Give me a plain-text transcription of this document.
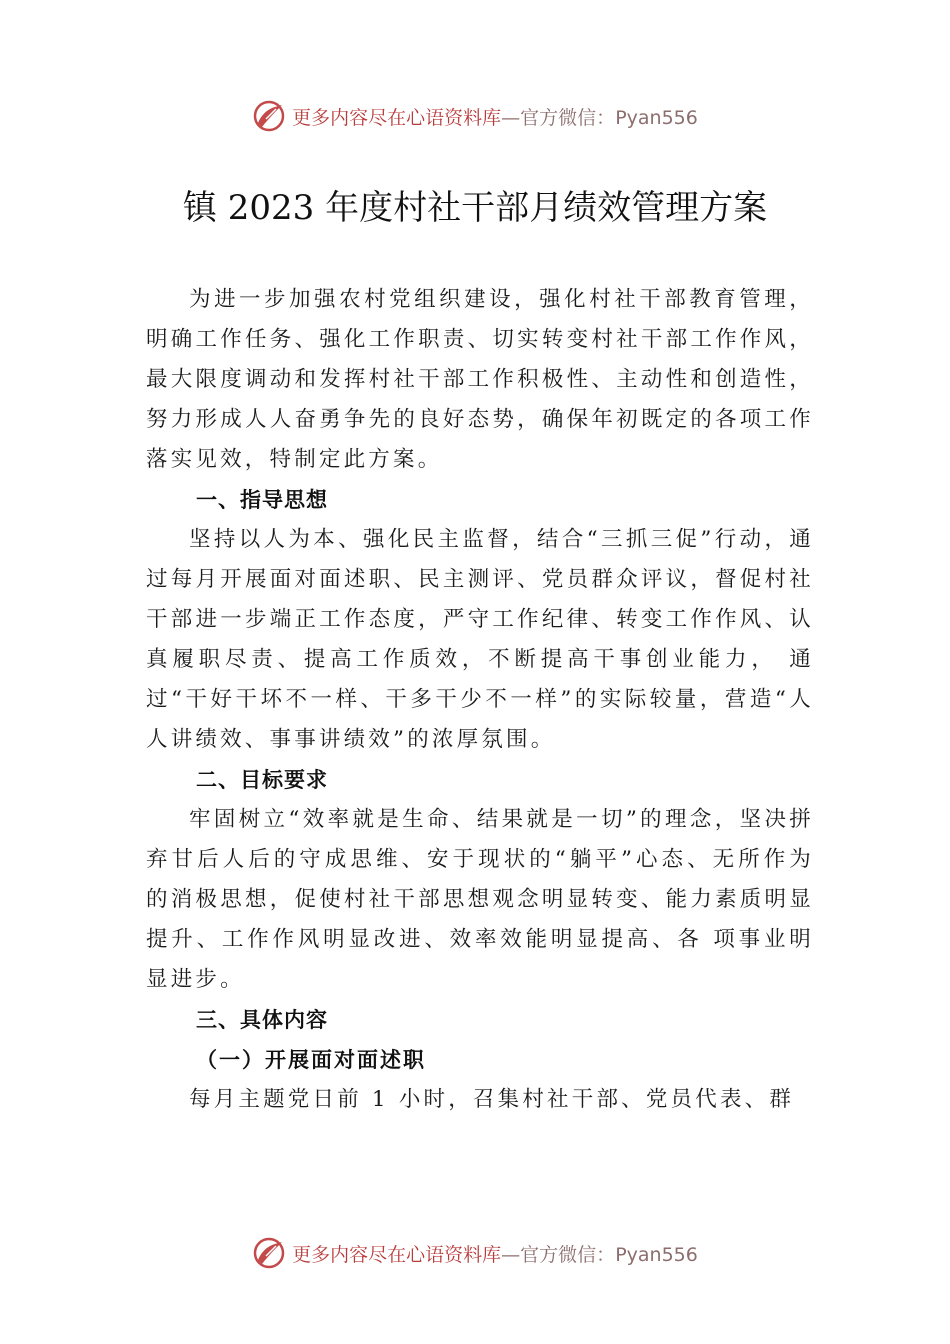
更多内容尽在心语资料库—官方微信：Pyan556
镇 2023 年度村社干部月绩效管理方案

为进一步加强农村党组织建设，强化村社干部教育管理，明确工作任务、强化工作职责、切实转变村社干部工作作风，最大限度调动和发挥村社干部工作积极性、主动性和创造性，努力形成人人奋勇争先的良好态势，确保年初既定的各项工作落实见效，特制定此方案。

一、指导思想

坚持以人为本、强化民主监督，结合“三抓三促”行动，通过每月开展面对面述职、民主测评、党员群众评议，督促村社干部进一步端正工作态度，严守工作纪律、转变工作作风、认真履职尽责、提高工作质效，不断提高干事创业能力， 通过“干好干坏不一样、干多干少不一样”的实际较量，营造“人人讲绩效、事事讲绩效”的浓厚氛围。

二、目标要求

牢固树立“效率就是生命、结果就是一切”的理念，坚决拼弃甘后人后的守成思维、安于现状的“躺平”心态、无所作为的消极思想，促使村社干部思想观念明显转变、能力素质明显提升、工作作风明显改进、效率效能明显提高、各 项事业明显进步。

三、具体内容

（一）开展面对面述职

每月主题党日前 1 小时，召集村社干部、党员代表、群

更多内容尽在心语资料库—官方微信：Pyan556
